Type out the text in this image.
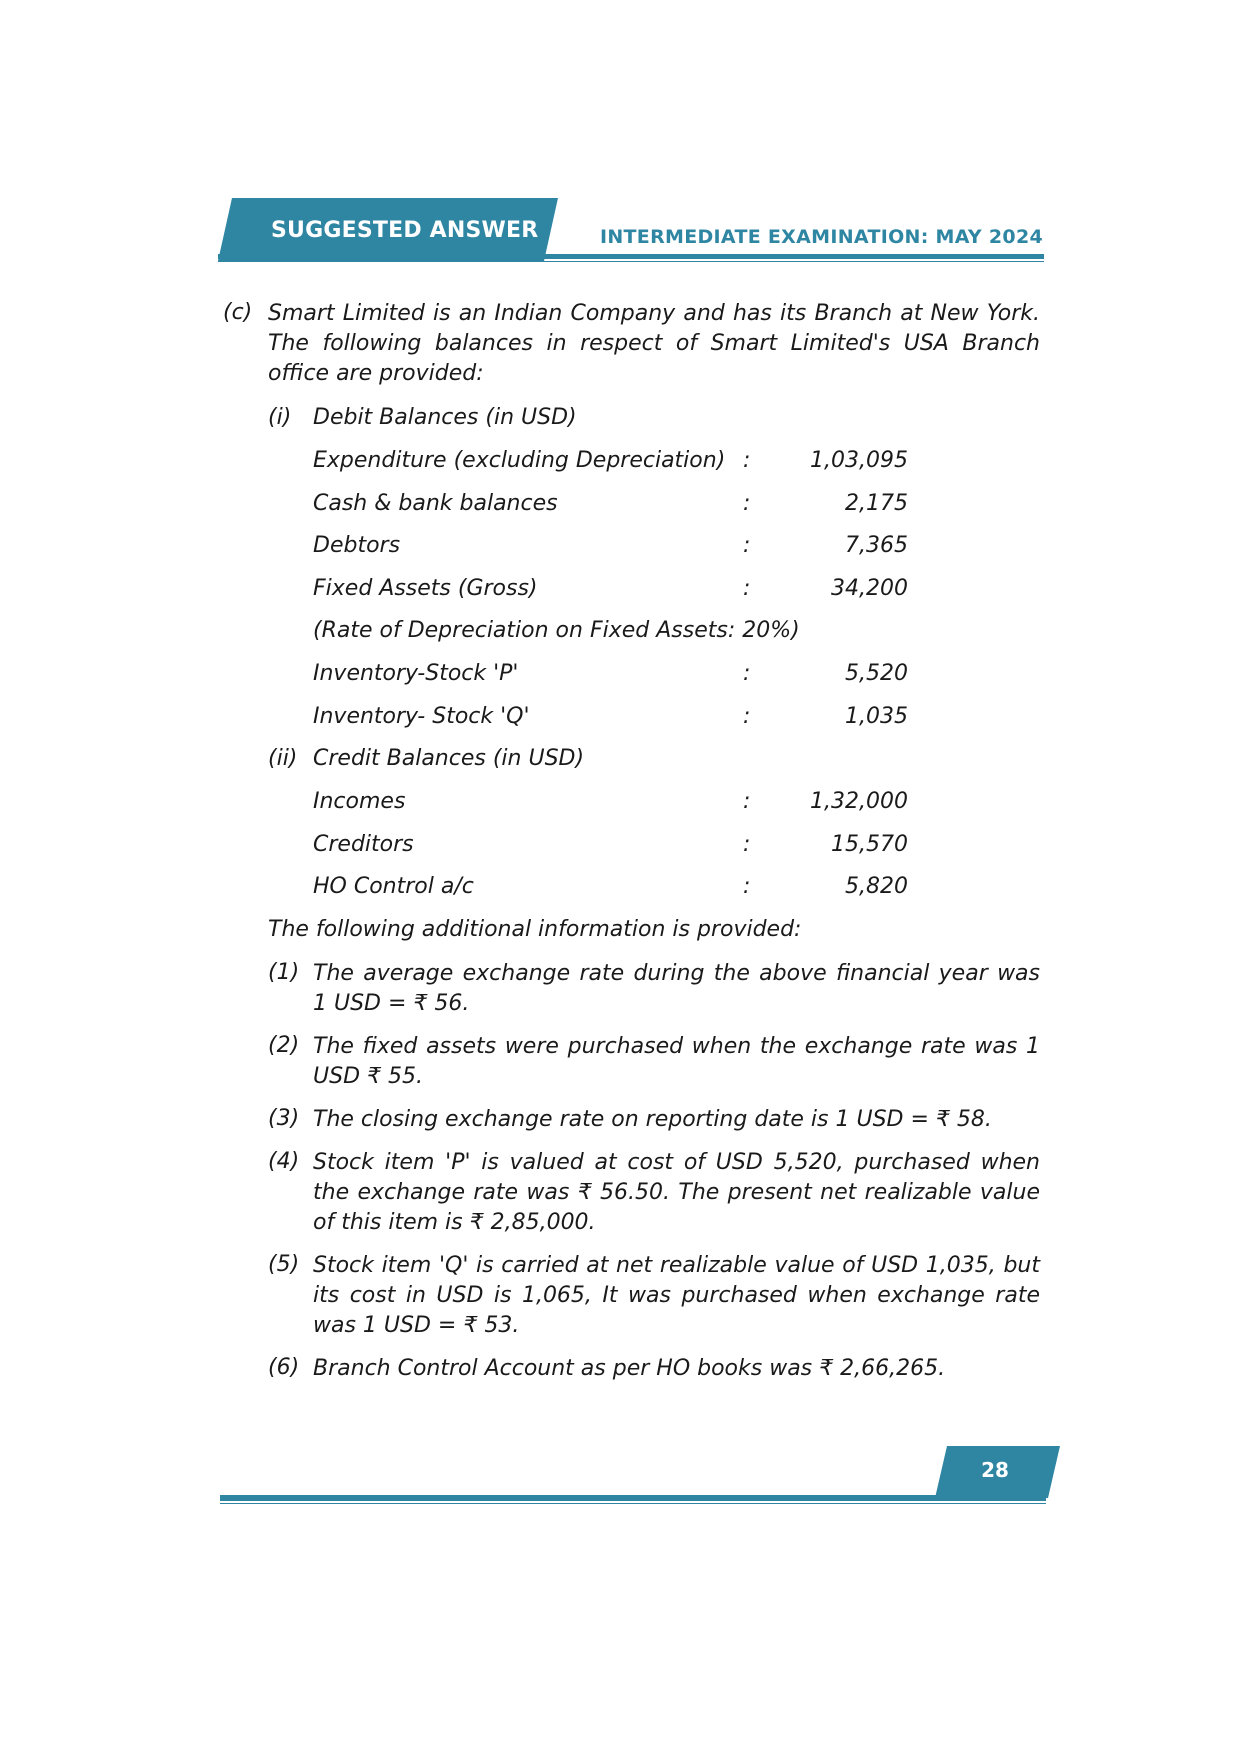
SUGGESTED ANSWER	INTERMEDIATE EXAMINATION: MAY 2024
(c) Smart Limited is an Indian Company and has its Branch at New York. The following balances in respect of Smart Limited's USA Branch office are provided:
(i) Debit Balances (in USD)
Expenditure (excluding Depreciation) :	1,03,095
Cash & bank balances	:	2,175
Debtors	:	7,365
Fixed Assets (Gross)	:	34,200
(Rate of Depreciation on Fixed Assets: 20%)
Inventory-Stock 'P'	:	5,520
Inventory- Stock 'Q'	:	1,035
(ii) Credit Balances (in USD)
Incomes	:	1,32,000
Creditors	:	15,570
HO Control a/c	:	5,820
The following additional information is provided:
(1) The average exchange rate during the above financial year was 1 USD = ₹ 56.
(2) The fixed assets were purchased when the exchange rate was 1 USD ₹ 55.
(3) The closing exchange rate on reporting date is 1 USD = ₹ 58.
(4) Stock item 'P' is valued at cost of USD 5,520, purchased when the exchange rate was ₹ 56.50. The present net realizable value of this item is ₹ 2,85,000.
(5) Stock item 'Q' is carried at net realizable value of USD 1,035, but its cost in USD is 1,065, It was purchased when exchange rate was 1 USD = ₹ 53.
(6) Branch Control Account as per HO books was ₹ 2,66,265.
28
